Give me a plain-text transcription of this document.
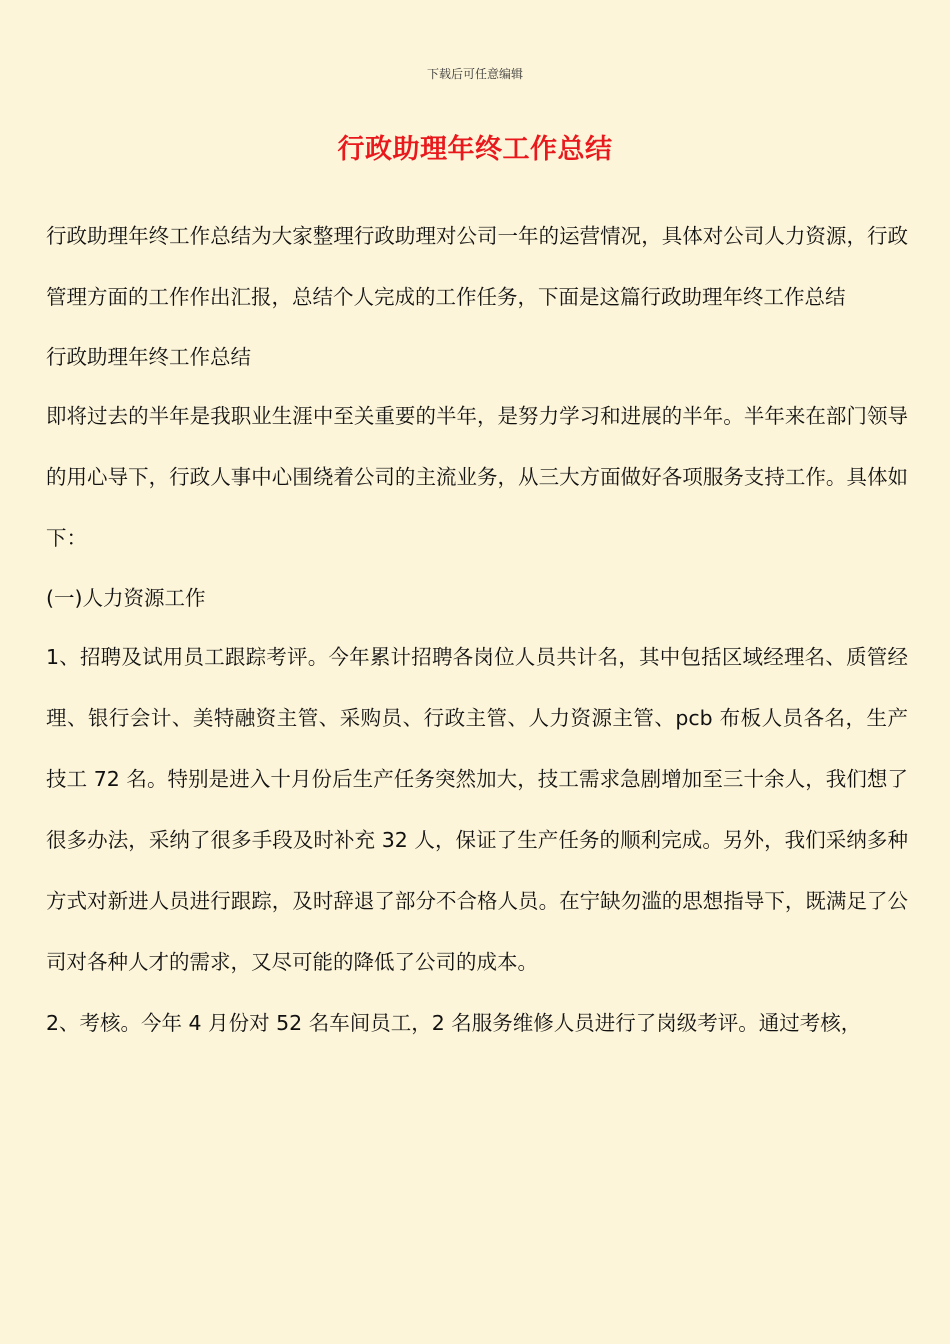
下载后可任意编辑
行政助理年终工作总结

行政助理年终工作总结为大家整理行政助理对公司一年的运营情况，具体对公司人力资源，行政管理方面的工作作出汇报，总结个人完成的工作任务，下面是这篇行政助理年终工作总结

行政助理年终工作总结

即将过去的半年是我职业生涯中至关重要的半年，是努力学习和进展的半年。半年来在部门领导的用心导下，行政人事中心围绕着公司的主流业务，从三大方面做好各项服务支持工作。具体如下：

(一)人力资源工作

1、招聘及试用员工跟踪考评。今年累计招聘各岗位人员共计名，其中包括区域经理名、质管经理、银行会计、美特融资主管、采购员、行政主管、人力资源主管、pcb 布板人员各名，生产技工 72 名。特别是进入十月份后生产任务突然加大，技工需求急剧增加至三十余人，我们想了很多办法，采纳了很多手段及时补充 32 人，保证了生产任务的顺利完成。另外，我们采纳多种方式对新进人员进行跟踪，及时辞退了部分不合格人员。在宁缺勿滥的思想指导下，既满足了公司对各种人才的需求，又尽可能的降低了公司的成本。

2、考核。今年 4 月份对 52 名车间员工，2 名服务维修人员进行了岗级考评。通过考核，
